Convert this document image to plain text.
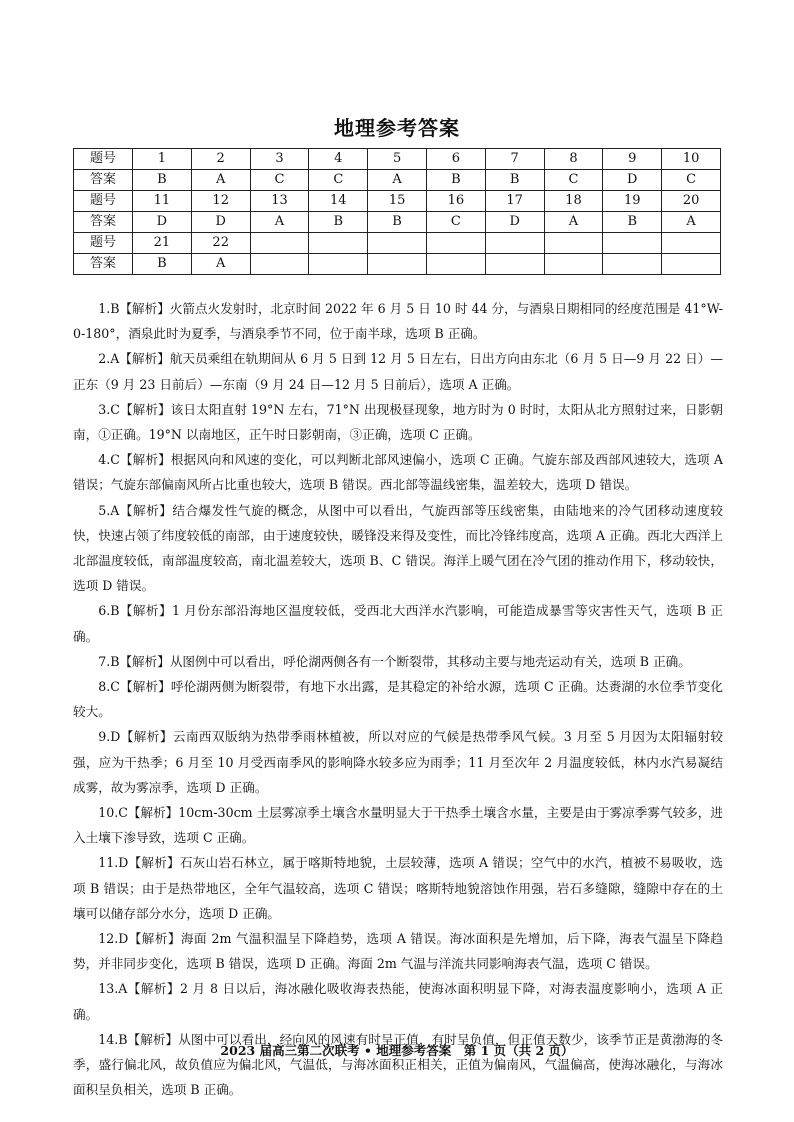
地理参考答案
题号	1	2	3	4	5	6	7	8	9	10
答案	B	A	C	C	A	B	B	C	D	C
题号	11	12	13	14	15	16	17	18	19	20
答案	D	D	A	B	B	C	D	A	B	A
题号	21	22								
答案	B	A								

1.B【解析】火箭点火发射时，北京时间 2022 年 6 月 5 日 10 时 44 分，与酒泉日期相同的经度范围是 41°W-0-180°，酒泉此时为夏季，与酒泉季节不同，位于南半球，选项 B 正确。

2.A【解析】航天员乘组在轨期间从 6 月 5 日到 12 月 5 日左右，日出方向由东北（6 月 5 日—9 月 22 日）—正东（9 月 23 日前后）—东南（9 月 24 日—12 月 5 日前后），选项 A 正确。

3.C【解析】该日太阳直射 19°N 左右，71°N 出现极昼现象，地方时为 0 时时，太阳从北方照射过来，日影朝南，①正确。19°N 以南地区，正午时日影朝南，③正确，选项 C 正确。

4.C【解析】根据风向和风速的变化，可以判断北部风速偏小，选项 C 正确。气旋东部及西部风速较大，选项 A 错误；气旋东部偏南风所占比重也较大，选项 B 错误。西北部等温线密集，温差较大，选项 D 错误。

5.A【解析】结合爆发性气旋的概念，从图中可以看出，气旋西部等压线密集，由陆地来的冷气团移动速度较快，快速占领了纬度较低的南部，由于速度较快，暖锋没来得及变性，而比冷锋纬度高，选项 A 正确。西北大西洋上北部温度较低，南部温度较高，南北温差较大，选项 B、C 错误。海洋上暖气团在冷气团的推动作用下，移动较快，选项 D 错误。

6.B【解析】1 月份东部沿海地区温度较低，受西北大西洋水汽影响，可能造成暴雪等灾害性天气，选项 B 正确。

7.B【解析】从图例中可以看出，呼伦湖两侧各有一个断裂带，其移动主要与地壳运动有关，选项 B 正确。

8.C【解析】呼伦湖两侧为断裂带，有地下水出露，是其稳定的补给水源，选项 C 正确。达赉湖的水位季节变化较大。

9.D【解析】云南西双版纳为热带季雨林植被，所以对应的气候是热带季风气候。3 月至 5 月因为太阳辐射较强，应为干热季；6 月至 10 月受西南季风的影响降水较多应为雨季；11 月至次年 2 月温度较低，林内水汽易凝结成雾，故为雾凉季，选项 D 正确。

10.C【解析】10cm-30cm 土层雾凉季土壤含水量明显大于干热季土壤含水量，主要是由于雾凉季雾气较多，进入土壤下渗导致，选项 C 正确。

11.D【解析】石灰山岩石林立，属于喀斯特地貌，土层较薄，选项 A 错误；空气中的水汽，植被不易吸收，选项 B 错误；由于是热带地区，全年气温较高，选项 C 错误；喀斯特地貌溶蚀作用强，岩石多缝隙，缝隙中存在的土壤可以储存部分水分，选项 D 正确。

12.D【解析】海面 2m 气温积温呈下降趋势，选项 A 错误。海冰面积是先增加，后下降，海表气温呈下降趋势，并非同步变化，选项 B 错误，选项 D 正确。海面 2m 气温与洋流共同影响海表气温，选项 C 错误。

13.A【解析】2 月 8 日以后，海冰融化吸收海表热能，使海冰面积明显下降，对海表温度影响小，选项 A 正确。

14.B【解析】从图中可以看出，经向风的风速有时呈正值，有时呈负值，但正值天数少，该季节正是黄渤海的冬季，盛行偏北风，故负值应为偏北风，气温低，与海冰面积正相关，正值为偏南风，气温偏高，使海冰融化，与海冰面积呈负相关，选项 B 正确。

2023 届高三第二次联考 • 地理参考答案　第 1 页（共 2 页）
